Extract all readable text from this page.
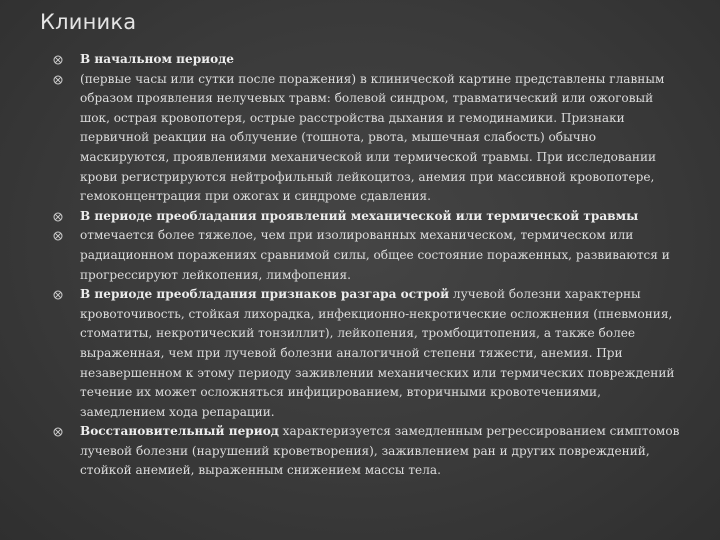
Клиника
В начальном периоде
(первые часы или сутки после поражения) в клинической картине представлены главным образом проявления нелучевых травм: болевой синдром, травматический или ожоговый шок, острая кровопотеря, острые расстройства дыхания и гемодинамики. Признаки первичной реакции на облучение (тошнота, рвота, мышечная слабость) обычно маскируются, проявлениями механической или термической травмы. При исследовании крови регистрируются нейтрофильный лейкоцитоз, анемия при массивной кровопотере, гемоконцентрация при ожогах и синдроме сдавления.
В периоде преобладания проявлений механической или термической травмы
отмечается более тяжелое, чем при изолированных механическом, термическом или радиационном поражениях сравнимой силы, общее состояние пораженных, развиваются и прогрессируют лейкопения, лимфопения.
В периоде преобладания признаков разгара острой лучевой болезни характерны кровоточивость, стойкая лихорадка, инфекционно-некротические осложнения (пневмония, стоматиты, некротический тонзиллит), лейкопения, тромбоцитопения, а также более выраженная, чем при лучевой болезни аналогичной степени тяжести, анемия. При незавершенном к этому периоду заживлении механических или термических повреждений течение их может осложняться инфицированием, вторичными кровотечениями, замедлением хода репарации.
Восстановительный период характеризуется замедленным регрессированием симптомов лучевой болезни (нарушений кроветворения), заживлением ран и других повреждений, стойкой анемией, выраженным снижением массы тела.
